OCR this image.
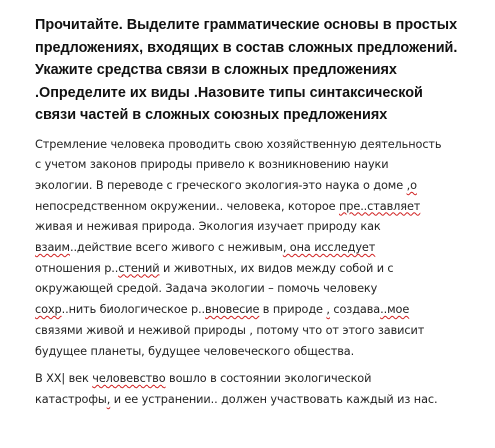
Прочитайте. Выделите грамматические основы в простых
предложениях, входящих в состав сложных предложений.
Укажите средства связи в сложных предложениях
.Определите их виды .Назовите типы синтаксической
связи частей в сложных союзных предложениях
Стремление человека проводить свою хозяйственную деятельность
с учетом законов природы привело к возникновению науки
экологии. В переводе с греческого экология-это наука о доме ,о
непосредственном окружении.. человека, которое пре..ставляет
живая и неживая природа. Экология изучает природу как
взаим..действие всего живого с неживым, она исследует
отношения р..стений и животных, их видов между собой и с
окружающей средой. Задача экологии – помочь человеку
сохр..нить биологическое р..вновесие в природе , создава..мое
связями живой и неживой природы , потому что от этого зависит
будущее планеты, будущее человеческого общества.
В XX| век человевство вошло в состоянии экологической
катастрофы, и ее устранении.. должен участвовать каждый из нас.
